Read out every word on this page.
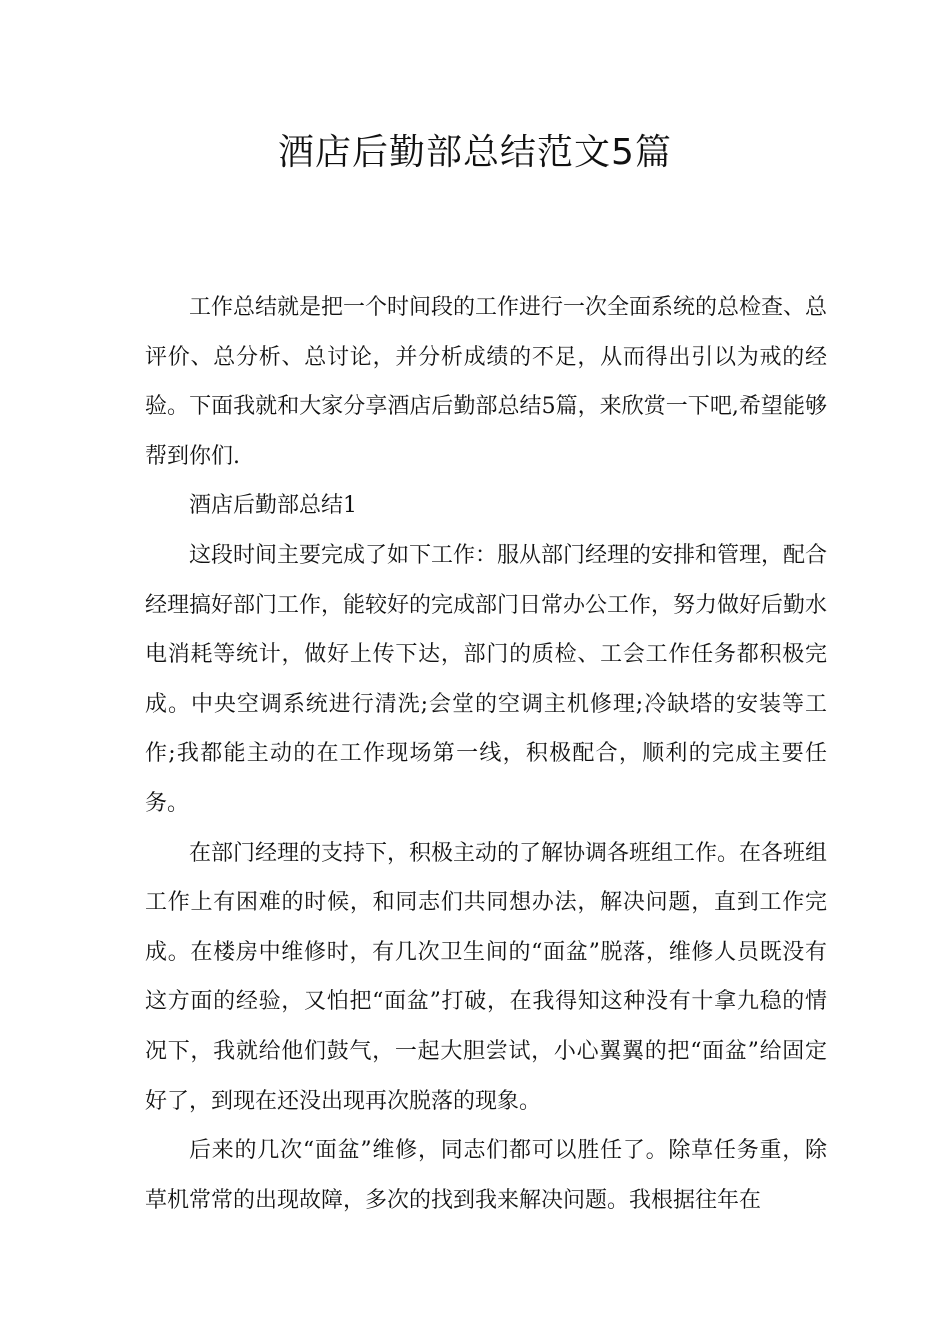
酒店后勤部总结范文5篇

工作总结就是把一个时间段的工作进行一次全面系统的总检查、总评价、总分析、总讨论，并分析成绩的不足，从而得出引以为戒的经验。下面我就和大家分享酒店后勤部总结5篇，来欣赏一下吧,希望能够帮到你们.

酒店后勤部总结1

这段时间主要完成了如下工作：服从部门经理的安排和管理，配合经理搞好部门工作，能较好的完成部门日常办公工作，努力做好后勤水电消耗等统计，做好上传下达，部门的质检、工会工作任务都积极完成。中央空调系统进行清洗;会堂的空调主机修理;冷缺塔的安装等工作;我都能主动的在工作现场第一线，积极配合，顺利的完成主要任务。

在部门经理的支持下，积极主动的了解协调各班组工作。在各班组工作上有困难的时候，和同志们共同想办法，解决问题，直到工作完成。在楼房中维修时，有几次卫生间的“面盆”脱落，维修人员既没有这方面的经验，又怕把“面盆”打破，在我得知这种没有十拿九稳的情况下，我就给他们鼓气，一起大胆尝试，小心翼翼的把“面盆”给固定好了，到现在还没出现再次脱落的现象。

后来的几次“面盆”维修，同志们都可以胜任了。除草任务重，除草机常常的出现故障，多次的找到我来解决问题。我根据往年在
